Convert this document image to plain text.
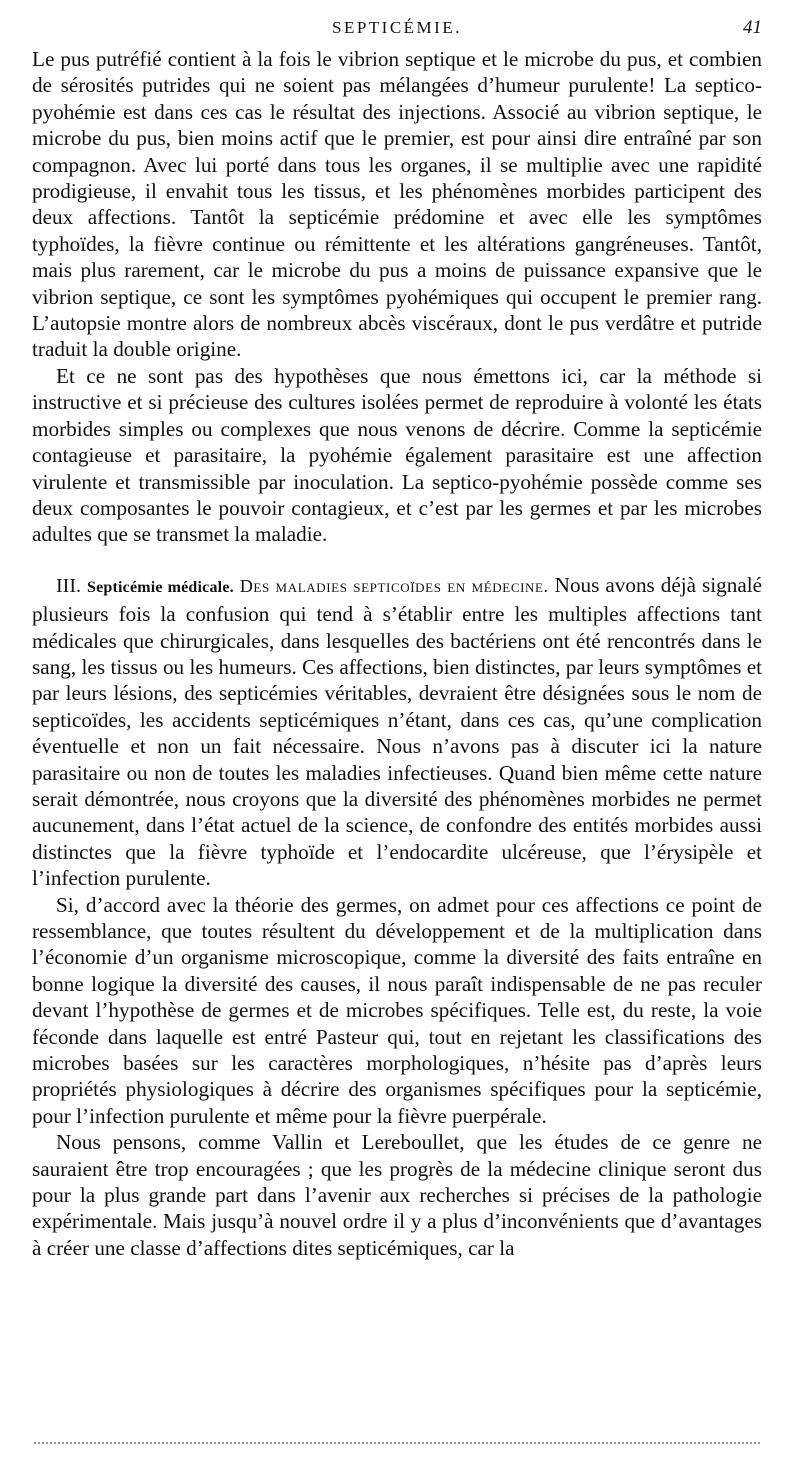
SEPTICÉMIE.	41

Le pus putréfié contient à la fois le vibrion septique et le microbe du pus, et combien de sérosités putrides qui ne soient pas mélangées d’humeur purulente! La septico-pyohémie est dans ces cas le résultat des injections. Associé au vibrion septique, le microbe du pus, bien moins actif que le premier, est pour ainsi dire entraîné par son compagnon. Avec lui porté dans tous les organes, il se multiplie avec une rapidité prodigieuse, il envahit tous les tissus, et les phénomènes morbides participent des deux affections. Tantôt la septicémie prédomine et avec elle les symptômes typhoïdes, la fièvre continue ou rémittente et les altérations gangréneuses. Tantôt, mais plus rarement, car le microbe du pus a moins de puissance expansive que le vibrion septique, ce sont les symptômes pyohémiques qui occupent le premier rang. L’autopsie montre alors de nombreux abcès viscéraux, dont le pus verdâtre et putride traduit la double origine.

Et ce ne sont pas des hypothèses que nous émettons ici, car la méthode si instructive et si précieuse des cultures isolées permet de reproduire à volonté les états morbides simples ou complexes que nous venons de décrire. Comme la septicémie contagieuse et parasitaire, la pyohémie également parasitaire est une affection virulente et transmissible par inoculation. La septico-pyohémie possède comme ses deux composantes le pouvoir contagieux, et c’est par les germes et par les microbes adultes que se transmet la maladie.

III. Septicémie médicale. Des maladies septicoïdes en médecine. Nous avons déjà signalé plusieurs fois la confusion qui tend à s’établir entre les multiples affections tant médicales que chirurgicales, dans lesquelles des bactériens ont été rencontrés dans le sang, les tissus ou les humeurs. Ces affections, bien distinctes, par leurs symptômes et par leurs lésions, des septicémies véritables, devraient être désignées sous le nom de septicoïdes, les accidents septicémiques n’étant, dans ces cas, qu’une complication éventuelle et non un fait nécessaire. Nous n’avons pas à discuter ici la nature parasitaire ou non de toutes les maladies infectieuses. Quand bien même cette nature serait démontrée, nous croyons que la diversité des phénomènes morbides ne permet aucunement, dans l’état actuel de la science, de confondre des entités morbides aussi distinctes que la fièvre typhoïde et l’endocardite ulcéreuse, que l’érysipèle et l’infection purulente.

Si, d’accord avec la théorie des germes, on admet pour ces affections ce point de ressemblance, que toutes résultent du développement et de la multiplication dans l’économie d’un organisme microscopique, comme la diversité des faits entraîne en bonne logique la diversité des causes, il nous paraît indispensable de ne pas reculer devant l’hypothèse de germes et de microbes spécifiques. Telle est, du reste, la voie féconde dans laquelle est entré Pasteur qui, tout en rejetant les classifications des microbes basées sur les caractères morphologiques, n’hésite pas d’après leurs propriétés physiologiques à décrire des organismes spécifiques pour la septicémie, pour l’infection purulente et même pour la fièvre puerpérale.

Nous pensons, comme Vallin et Lereboullet, que les études de ce genre ne sauraient être trop encouragées ; que les progrès de la médecine clinique seront dus pour la plus grande part dans l’avenir aux recherches si précises de la pathologie expérimentale. Mais jusqu’à nouvel ordre il y a plus d’inconvénients que d’avantages à créer une classe d’affections dites septicémiques, car la
